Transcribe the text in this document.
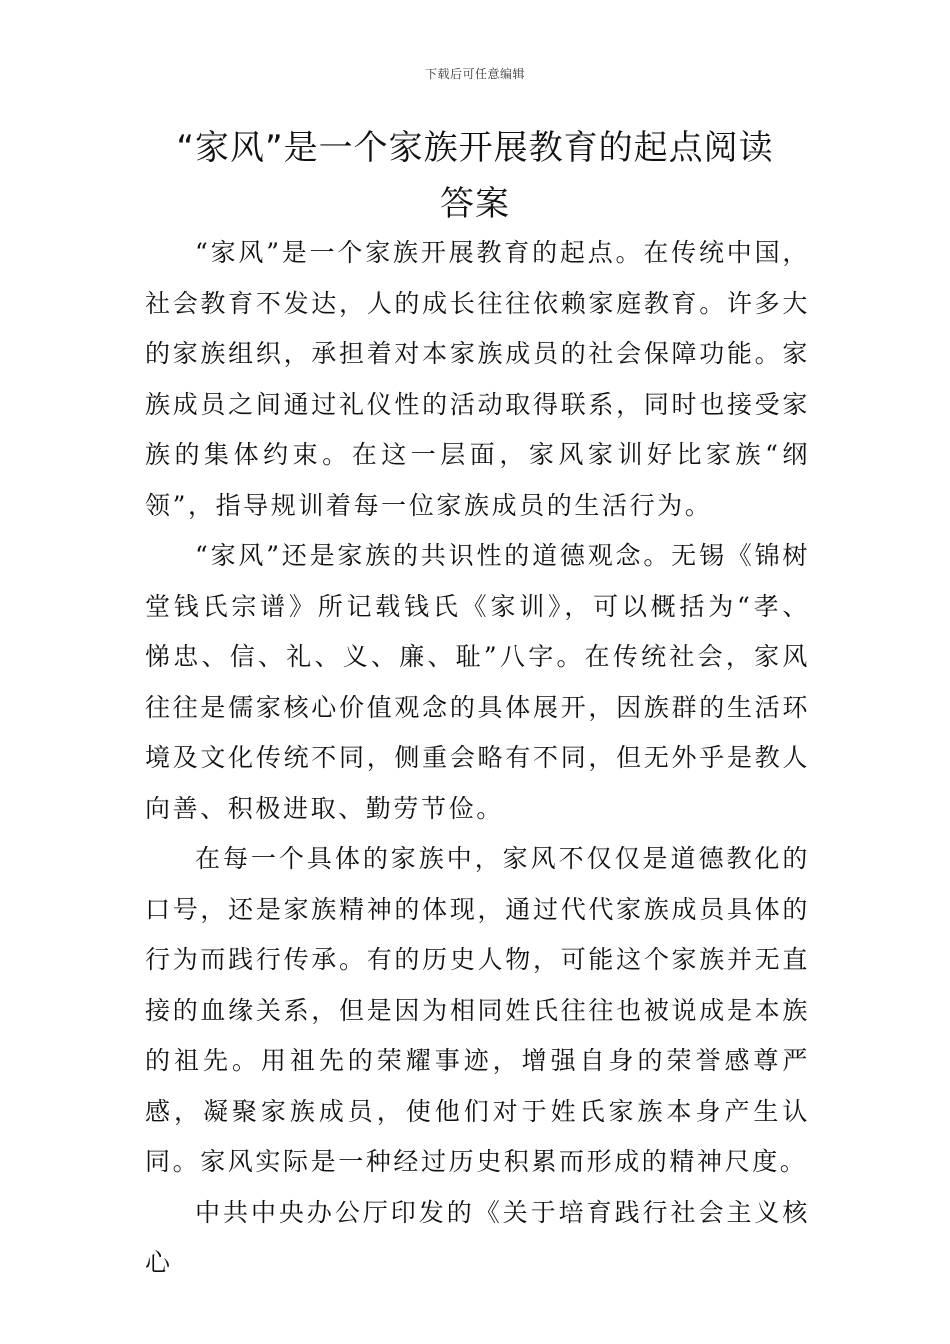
下载后可任意编辑
“家风”是一个家族开展教育的起点阅读
答案

“家风”是一个家族开展教育的起点。在传统中国，社会教育不发达，人的成长往往依赖家庭教育。许多大的家族组织，承担着对本家族成员的社会保障功能。家族成员之间通过礼仪性的活动取得联系，同时也接受家族的集体约束。在这一层面，家风家训好比家族“纲领”，指导规训着每一位家族成员的生活行为。

“家风”还是家族的共识性的道德观念。无锡《锦树堂钱氏宗谱》所记载钱氏《家训》，可以概括为“孝、悌忠、信、礼、义、廉、耻”八字。在传统社会，家风往往是儒家核心价值观念的具体展开，因族群的生活环境及文化传统不同，侧重会略有不同，但无外乎是教人向善、积极进取、勤劳节俭。

在每一个具体的家族中，家风不仅仅是道德教化的口号，还是家族精神的体现，通过代代家族成员具体的行为而践行传承。有的历史人物，可能这个家族并无直接的血缘关系，但是因为相同姓氏往往也被说成是本族的祖先。用祖先的荣耀事迹，增强自身的荣誉感尊严感，凝聚家族成员，使他们对于姓氏家族本身产生认同。家风实际是一种经过历史积累而形成的精神尺度。

中共中央办公厅印发的《关于培育践行社会主义核心
